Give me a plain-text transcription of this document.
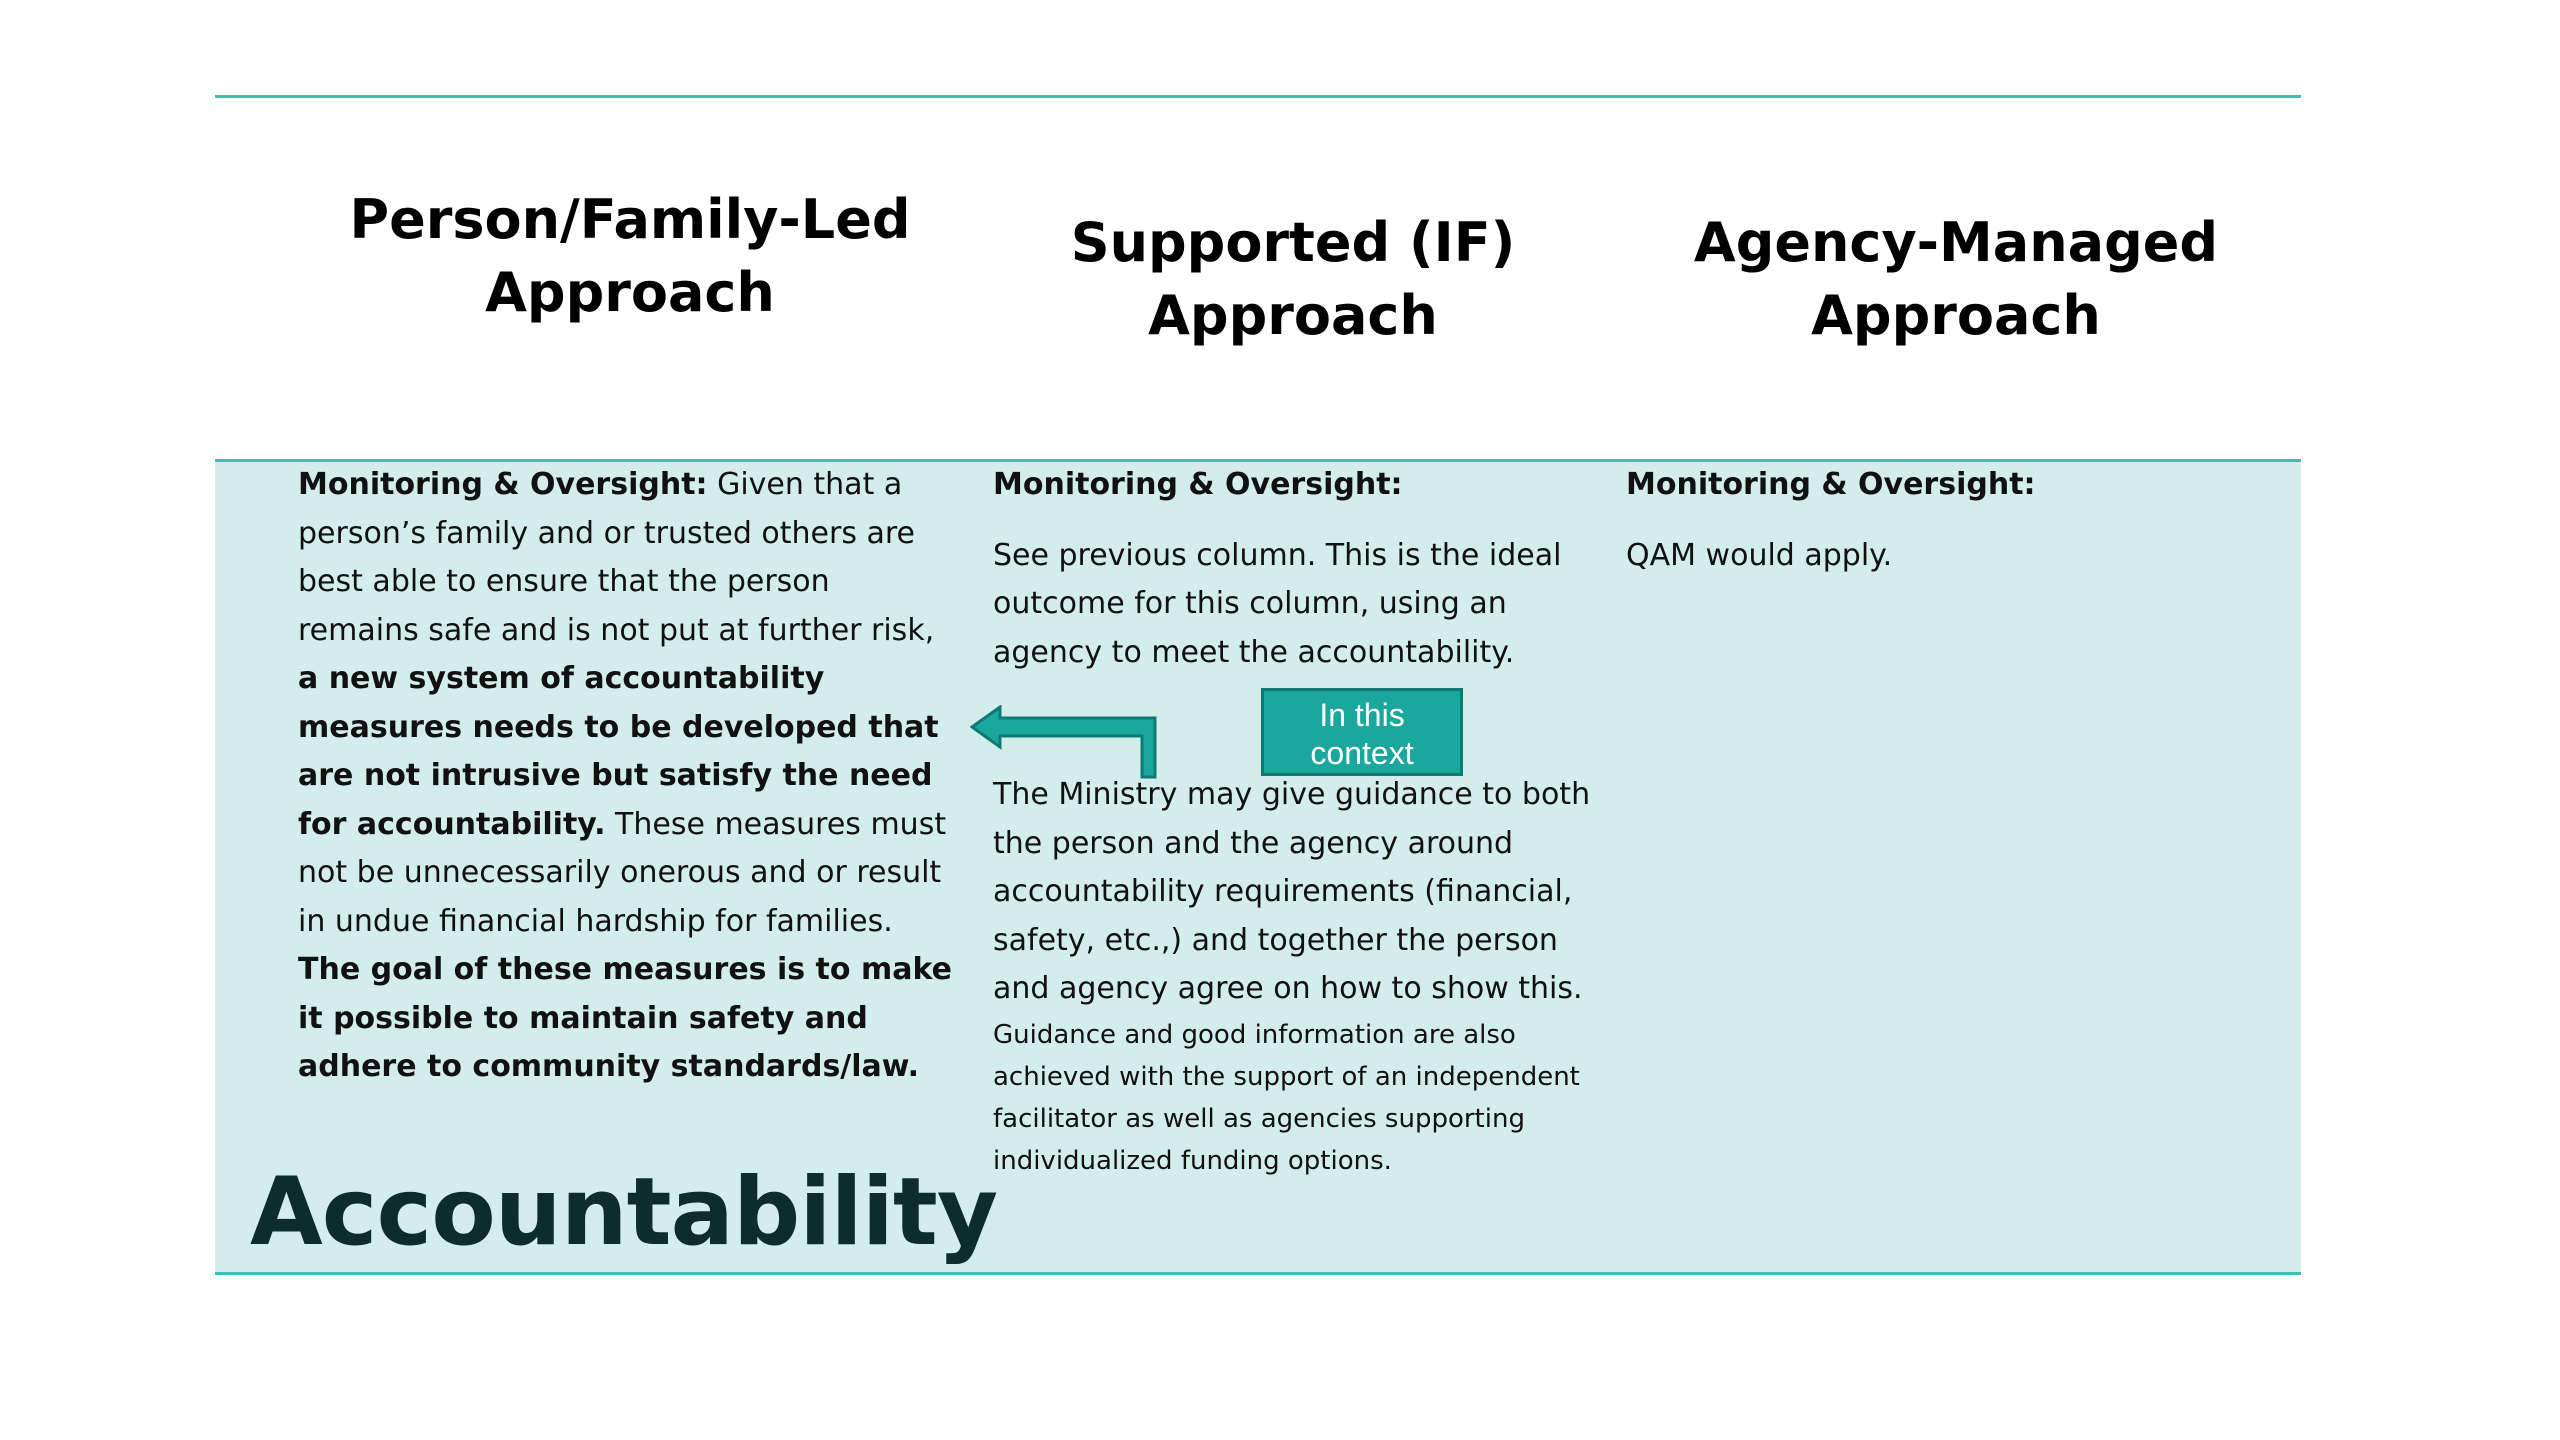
Person/Family-Led
Approach
Supported (IF)
Approach
Agency-Managed
Approach

Monitoring & Oversight: Given that a person’s family and or trusted others are best able to ensure that the person remains safe and is not put at further risk, a new system of accountability measures needs to be developed that are not intrusive but satisfy the need for accountability. These measures must not be unnecessarily onerous and or result in undue financial hardship for families. The goal of these measures is to make it possible to maintain safety and adhere to community standards/law.

Monitoring & Oversight:
See previous column. This is the ideal outcome for this column, using an agency to meet the accountability.

The Ministry may give guidance to both the person and the agency around accountability requirements (financial, safety, etc.,) and together the person and agency agree on how to show this.

Guidance and good information are also achieved with the support of an independent facilitator as well as agencies supporting individualized funding options.

Monitoring & Oversight:
QAM would apply.
In this
context
Accountability
